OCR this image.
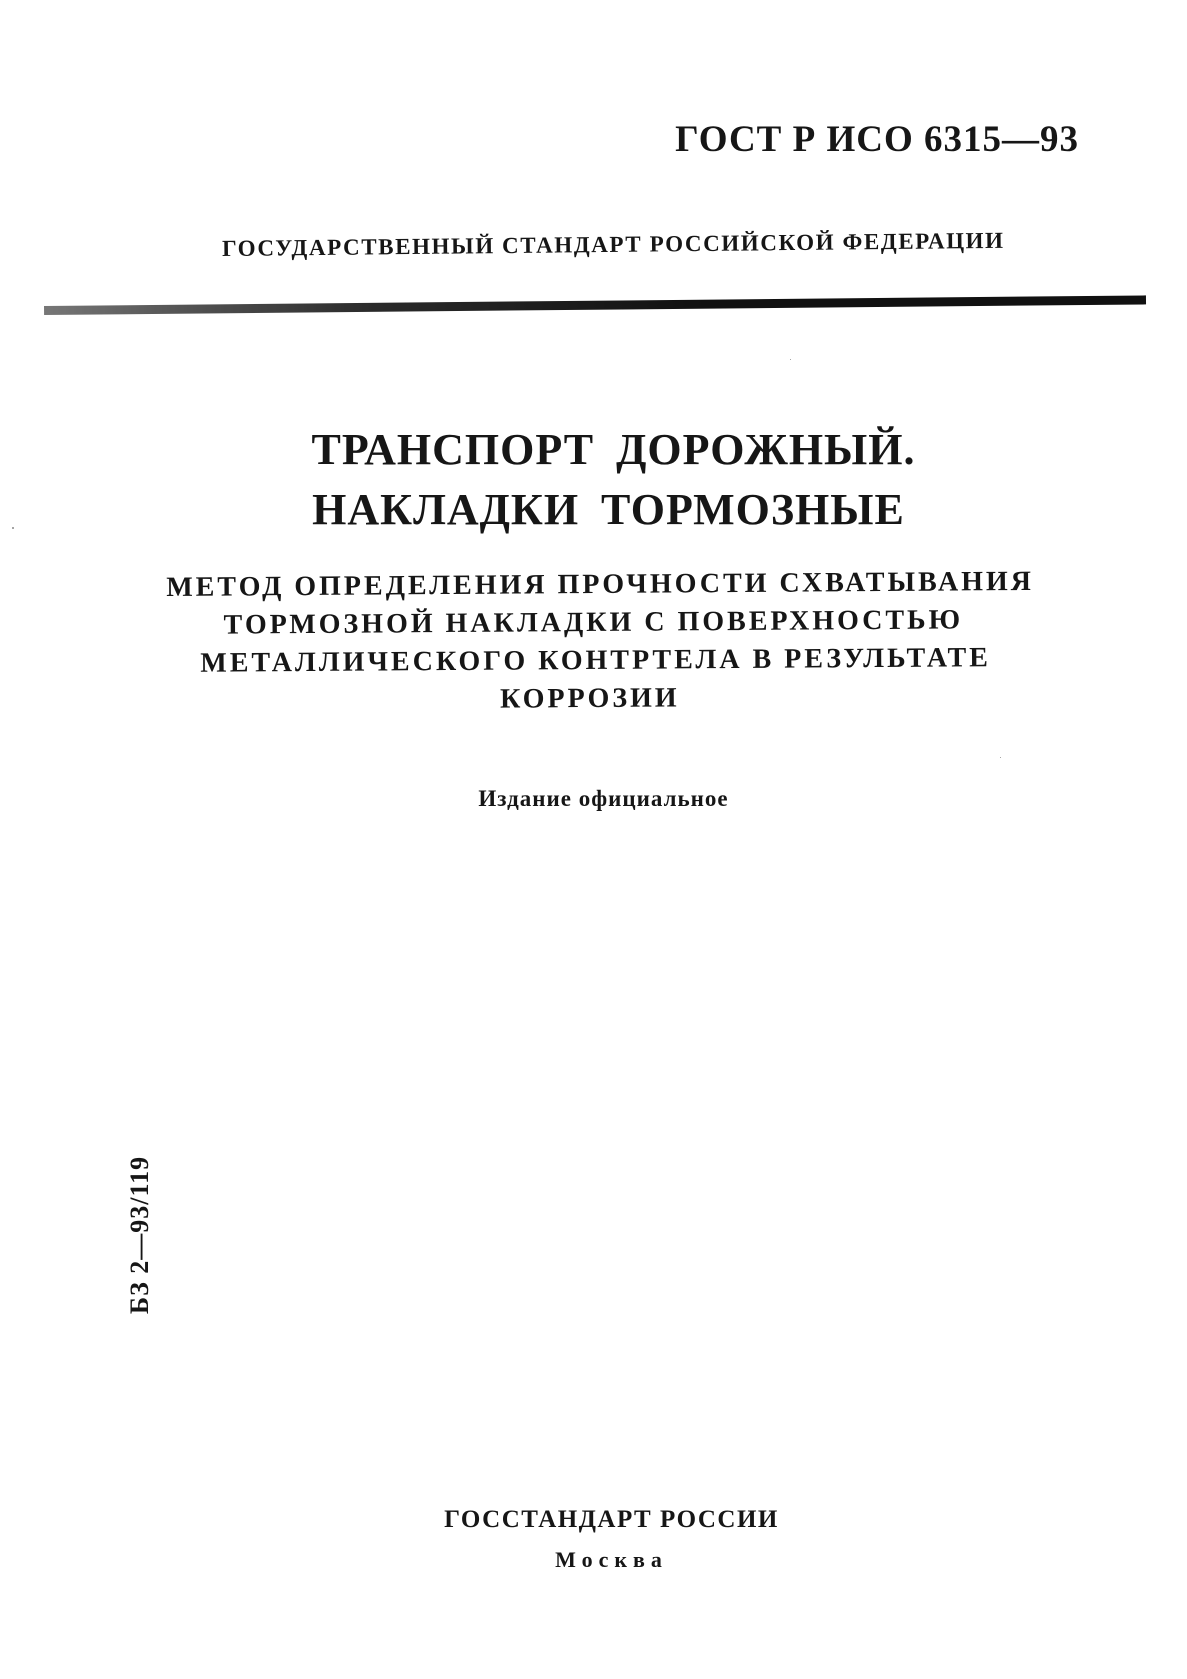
ГОСТ Р ИСО 6315—93
ГОСУДАРСТВЕННЫЙ СТАНДАРТ РОССИЙСКОЙ ФЕДЕРАЦИИ
ТРАНСПОРТ ДОРОЖНЫЙ.
НАКЛАДКИ ТОРМОЗНЫЕ
МЕТОД ОПРЕДЕЛЕНИЯ ПРОЧНОСТИ СХВАТЫВАНИЯ
ТОРМОЗНОЙ НАКЛАДКИ С ПОВЕРХНОСТЬЮ
МЕТАЛЛИЧЕСКОГО КОНТРТЕЛА В РЕЗУЛЬТАТЕ
КОРРОЗИИ
Издание официальное
БЗ 2—93/119
ГОССТАНДАРТ РОССИИ
Москва
